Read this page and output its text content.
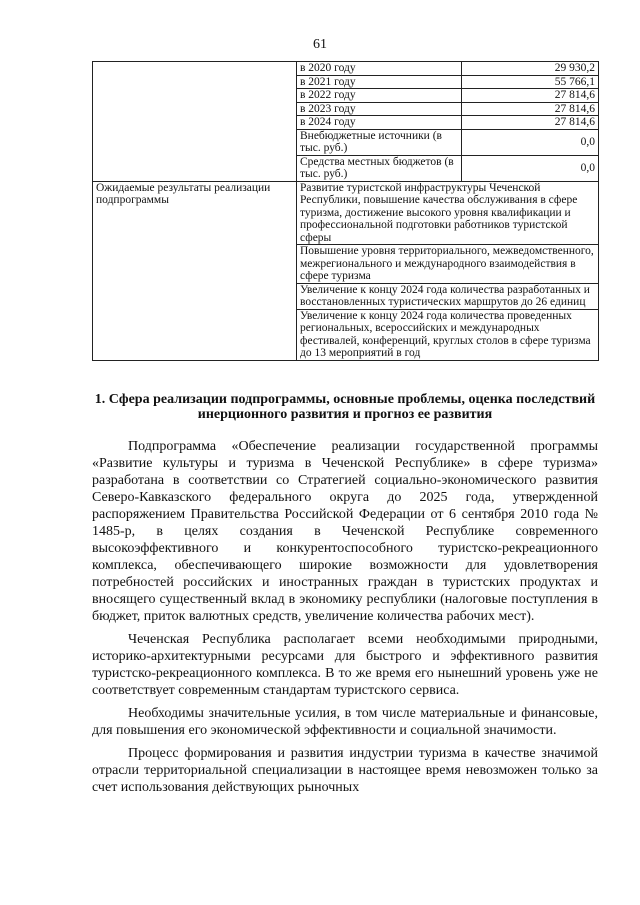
61
	в 2020 году	29 930,2
	в 2021 году	55 766,1
	в 2022 году	27 814,6
	в 2023 году	27 814,6
	в 2024 году	27 814,6
	Внебюджетные источники (в тыс. руб.)	0,0
	Средства местных бюджетов (в тыс. руб.)	0,0
Ожидаемые результаты реализации подпрограммы	Развитие туристской инфраструктуры Чеченской Республики, повышение качества обслуживания в сфере туризма, достижение высокого уровня квалификации и профессиональной подготовки работников туристской сферы	
	Повышение уровня территориального, межведомственного, межрегионального и международного взаимодействия в сфере туризма	
	Увеличение к концу 2024 года количества разработанных и восстановленных туристических маршрутов до 26 единиц	
	Увеличение к концу 2024 года количества проведенных региональных, всероссийских и международных фестивалей, конференций, круглых столов в сфере туризма до 13 мероприятий в год	
1. Сфера реализации подпрограммы, основные проблемы, оценка последствий инерционного развития и прогноз ее развития

Подпрограмма «Обеспечение реализации государственной программы «Развитие культуры и туризма в Чеченской Республике» в сфере туризма» разработана в соответствии со Стратегией социально-экономического развития Северо-Кавказского федерального округа до 2025 года, утвержденной распоряжением Правительства Российской Федерации от 6 сентября 2010 года № 1485-р, в целях создания в Чеченской Республике современного высокоэффективного и конкурентоспособного туристско-рекреационного комплекса, обеспечивающего широкие возможности для удовлетворения потребностей российских и иностранных граждан в туристских продуктах и вносящего существенный вклад в экономику республики (налоговые поступления в бюджет, приток валютных средств, увеличение количества рабочих мест).

Чеченская Республика располагает всеми необходимыми природными, историко-архитектурными ресурсами для быстрого и эффективного развития туристско-рекреационного комплекса. В то же время его нынешний уровень уже не соответствует современным стандартам туристского сервиса.

Необходимы значительные усилия, в том числе материальные и финансовые, для повышения его экономической эффективности и социальной значимости.

Процесс формирования и развития индустрии туризма в качестве значимой отрасли территориальной специализации в настоящее время невозможен только за счет использования действующих рыночных
